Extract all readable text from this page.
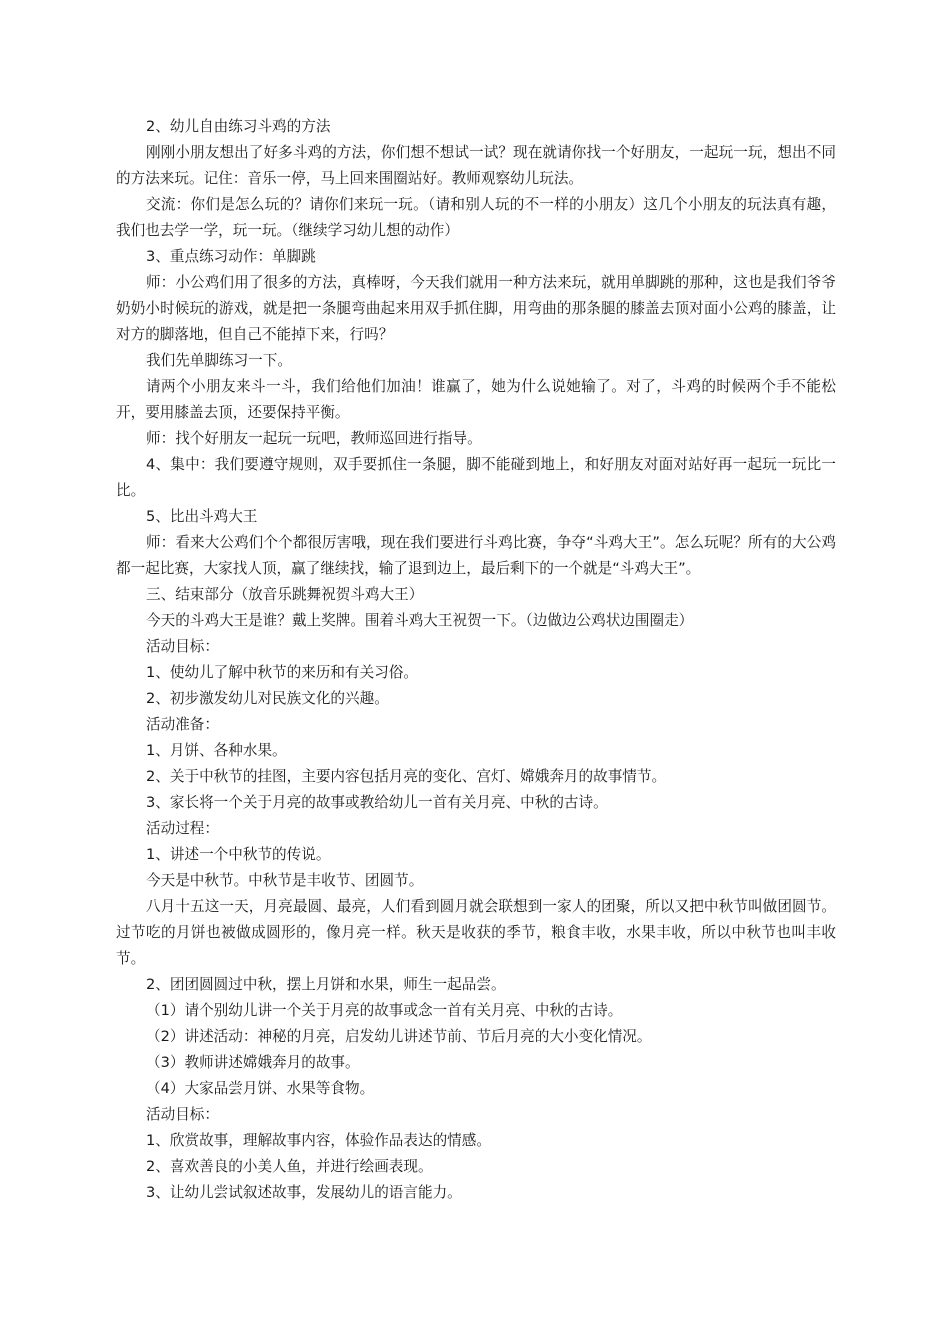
2、幼儿自由练习斗鸡的方法

刚刚小朋友想出了好多斗鸡的方法，你们想不想试一试？现在就请你找一个好朋友，一起玩一玩，想出不同的方法来玩。记住：音乐一停，马上回来围圈站好。教师观察幼儿玩法。

交流：你们是怎么玩的？请你们来玩一玩。（请和别人玩的不一样的小朋友）这几个小朋友的玩法真有趣，我们也去学一学，玩一玩。（继续学习幼儿想的动作）

3、重点练习动作：单脚跳

师：小公鸡们用了很多的方法，真棒呀，今天我们就用一种方法来玩，就用单脚跳的那种，这也是我们爷爷奶奶小时候玩的游戏，就是把一条腿弯曲起来用双手抓住脚，用弯曲的那条腿的膝盖去顶对面小公鸡的膝盖，让对方的脚落地，但自己不能掉下来，行吗？

我们先单脚练习一下。

请两个小朋友来斗一斗，我们给他们加油！谁赢了，她为什么说她输了。对了，斗鸡的时候两个手不能松开，要用膝盖去顶，还要保持平衡。

师：找个好朋友一起玩一玩吧，教师巡回进行指导。

4、集中：我们要遵守规则，双手要抓住一条腿，脚不能碰到地上，和好朋友对面对站好再一起玩一玩比一比。

5、比出斗鸡大王

师：看来大公鸡们个个都很厉害哦，现在我们要进行斗鸡比赛，争夺“斗鸡大王”。怎么玩呢？所有的大公鸡都一起比赛，大家找人顶，赢了继续找，输了退到边上，最后剩下的一个就是“斗鸡大王”。

三、结束部分（放音乐跳舞祝贺斗鸡大王）

今天的斗鸡大王是谁？戴上奖牌。围着斗鸡大王祝贺一下。（边做边公鸡状边围圈走）

活动目标：

1、使幼儿了解中秋节的来历和有关习俗。

2、初步激发幼儿对民族文化的兴趣。

活动准备：

1、月饼、各种水果。

2、关于中秋节的挂图，主要内容包括月亮的变化、宫灯、嫦娥奔月的故事情节。

3、家长将一个关于月亮的故事或教给幼儿一首有关月亮、中秋的古诗。

活动过程：

1、讲述一个中秋节的传说。

今天是中秋节。中秋节是丰收节、团圆节。

八月十五这一天，月亮最圆、最亮，人们看到圆月就会联想到一家人的团聚，所以又把中秋节叫做团圆节。过节吃的月饼也被做成圆形的，像月亮一样。秋天是收获的季节，粮食丰收，水果丰收，所以中秋节也叫丰收节。

2、团团圆圆过中秋，摆上月饼和水果，师生一起品尝。

（1）请个别幼儿讲一个关于月亮的故事或念一首有关月亮、中秋的古诗。

（2）讲述活动：神秘的月亮，启发幼儿讲述节前、节后月亮的大小变化情况。

（3）教师讲述嫦娥奔月的故事。

（4）大家品尝月饼、水果等食物。

活动目标：

1、欣赏故事，理解故事内容，体验作品表达的情感。

2、喜欢善良的小美人鱼，并进行绘画表现。

3、让幼儿尝试叙述故事，发展幼儿的语言能力。
